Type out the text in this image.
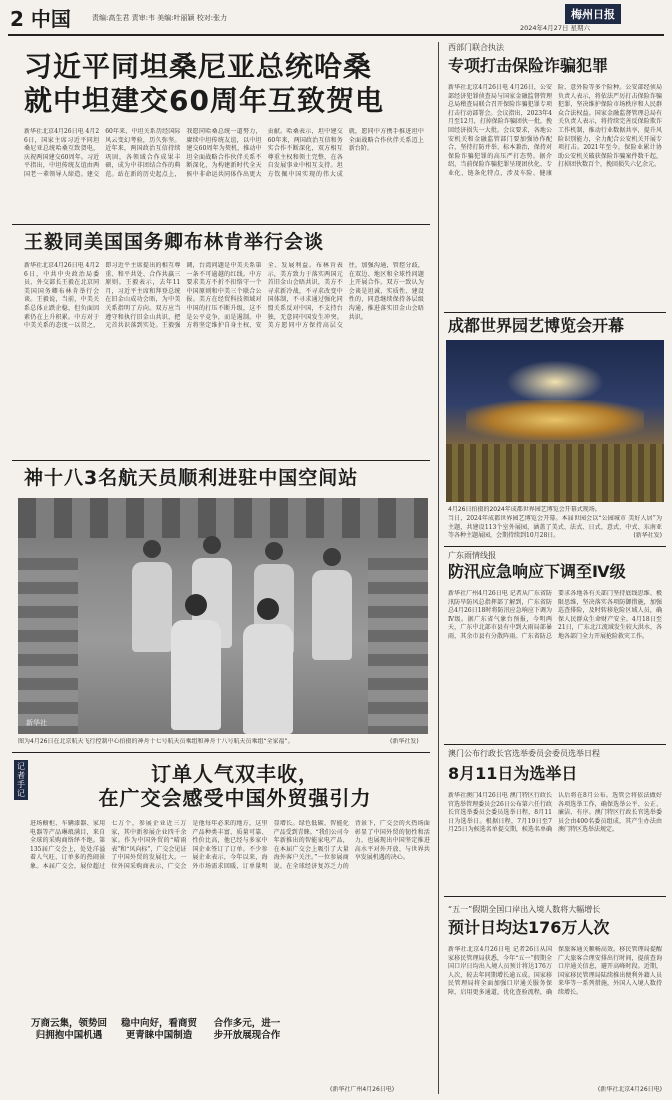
2 中国	责编:高生君 责审:韦 美编:叶丽颖 校对:张力	梅州日报
2024年4月27日 星期六
习近平同坦桑尼亚总统哈桑
就中坦建交60周年互致贺电
新华社北京4月26日电 4月26日，国家主席习近平同坦桑尼亚总统哈桑互致贺电，庆祝两国建交60周年。习近平指出，中坦传统友谊由两国老一辈领导人缔造。建交60年来，中坦关系历经国际风云变幻考验，历久弥坚。近年来，两国政治互信持续巩固，各领域合作成果丰硕，成为中非团结合作的典范。站在新的历史起点上，我愿同哈桑总统一道努力，赓续中坦传统友谊，以中坦建交60周年为契机，推动中坦全面战略合作伙伴关系不断深化，为构建新时代全天候中非命运共同体作出更大贡献。哈桑表示，坦中建交60年来，两国政治互信和务实合作不断深化，双方相互尊重主权和领土完整，在各自发展事业中相互支持。坦方钦佩中国实现的伟大成就，愿同中方携手推进坦中全面战略合作伙伴关系迈上新台阶。
王毅同美国国务卿布林肯举行会谈
新华社北京4月26日电 4月26日，中共中央政治局委员、外交部长王毅在北京同美国国务卿布林肯举行会谈。王毅说，当前，中美关系总体止跌企稳，但负面因素仍在上升积累。中方对于中美关系的态度一以贯之，即习近平主席提出的相互尊重、和平共处、合作共赢三原则。王毅表示，去年11月，习近平主席和拜登总统在旧金山成功会晤，为中美关系指明了方向。双方应当遵守和执行旧金山共识，把元首共识落到实处。王毅强调，台湾问题是中美关系第一条不可逾越的红线。中方要求美方不折不扣恪守一个中国原则和中美三个联合公报。美方在经贸科技领域对中国的打压不断升级，这不是公平竞争，而是遏制。中方将坚定维护自身主权、安全、发展利益。布林肯表示，美方致力于落实两国元首旧金山会晤共识，美方不寻求新冷战，不寻求改变中国体制，不寻求通过强化同盟关系反对中国，不支持台独，无意同中国发生冲突。美方愿同中方保持高层交往，加强沟通，管控分歧，在双边、地区和全球性问题上开展合作。双方一致认为会谈是坦诚、实质性、建设性的，同意继续保持各层级沟通，推进落实旧金山会晤共识。
神十八3名航天员顺利进驻中国空间站
新华社
图为4月26日在北京航天飞行控制中心拍摄的神舟十七号航天员乘组和神舟十八号航天员乘组“全家福”。	(新华社发)
记者手记
订单人气双丰收，
在广交会感受中国外贸强引力
进场橱柜、车辆漆器、家用电器等产品琳琅满目，来自全球的采购商络绎不绝。第135届广交会上，处处洋溢着人气旺、订单多的热闹景象。本届广交会，展位超过七万个，参展企业近三万家，其中新参展企业四千余家。作为中国外贸的“晴雨表”和“风向标”，广交会见证了中国外贸的发展壮大。一位外国采购商表示，广交会是他每年必来的地方，这里产品种类丰富、质量可靠、性价比高，他已经与多家中国企业签订了订单。不少参展企业表示，今年以来，海外市场需求回暖，订单量明显增长。绿色低碳、智能化产品受到青睐。“我们公司今年新推出的智能家电产品，在本届广交会上吸引了大量海外客户关注。”一位参展商说。在全球经济复苏乏力的背景下，广交会的火热场面彰显了中国外贸的韧性和活力，也展现出中国坚定推进高水平对外开放、与世界共享发展机遇的决心。
万商云集，领势回归拥抱中国机遇
稳中向好，看商贸更青睐中国制造
合作多元，进一步开放展现合作
(新华社广州4月26日电)
西部门联合执法
专项打击保险诈骗犯罪
新华社北京4月26日电 4月26日，公安部经济犯罪侦查局与国家金融监督管理总局稽查局联合召开保险诈骗犯罪专项打击行动部署会。会议指出，2023年4月至12月，打掉保险诈骗团伙一批，挽回经济损失一大批。会议要求，各地公安机关和金融监管部门要加强协作配合，坚持打防并举、标本兼治，保持对保险诈骗犯罪的高压严打态势。据介绍，当前保险诈骗犯罪呈现团伙化、专业化、链条化特点，涉及车险、健康险、意外险等多个险种。公安部经侦局负责人表示，将依法严厉打击保险诈骗犯罪，坚决维护保险市场秩序和人民群众合法权益。国家金融监督管理总局有关负责人表示，将持续完善反保险欺诈工作机制，推动行业数据共享，提升风险识别能力，全力配合公安机关开展专项打击。2021年至今，保险业累计协助公安机关破获保险诈骗案件数千起，打掉团伙数百个，挽回损失六亿余元。
成都世界园艺博览会开幕
4月26日拍摄的2024年成都世界园艺博览会开幕式现场。
当日，2024年成都世界园艺博览会开幕。本届世园会以“公园城市 美好人居”为主题，共建设113个室外展园，涵盖了美式、法式、日式、意式、中式、东南亚等各种主题展园，会期持续到10月28日。	(新华社发)
广东雨情线报
防汛应急响应下调至Ⅳ级
新华社广州4月26日电 记者从广东省防汛防旱防风总指挥部了解到，广东省防总4月26日18时将防汛应急响应下调为Ⅳ级。据广东省气象台预报，今明两天，广东中北部市县有中到大雨局部暴雨，其余市县有分散阵雨。广东省防总要求各地各有关部门坚持底线思维、极限思维，坚决落实各项防御措施，加强巡查排险，及时转移危险区域人员，确保人民群众生命财产安全。4月18日至21日，广东北江流域发生较大洪水，各地各部门全力开展抢险救灾工作。
澳门公布行政长官选举委员会委员选举日程
8月11日为选举日
新华社澳门4月26日电 澳门特区行政长官选举管理委员会26日公布第六任行政长官选举委员会委员选举日程，8月11日为选举日。根据日程，7月19日至7月25日为候选名单提交期，候选名单确认后将在8月公布。选管会将依法做好各项选举工作，确保选举公平、公正、廉洁、有序。澳门特区行政长官选举委员会由400名委员组成，其产生办法由澳门特区选举法规定。
“五一”假期全国口岸出入境人数将大幅增长
预计日均达176万人次
新华社北京4月26日电 记者26日从国家移民管理局获悉，今年“五一”假期全国口岸日均出入境人员预计将达176万人次，较去年同期增长逾五成。国家移民管理局将全面加强口岸通关服务保障，启用更多通道，优化查验流程，确保旅客通关顺畅高效。移民管理局提醒广大旅客合理安排出行时间，提前查询口岸通关信息，避开高峰时段。近期，国家移民管理局陆续推出便利外籍人员来华等一系列措施，外国人入境人数持续增长。
(新华社北京4月26日电)
